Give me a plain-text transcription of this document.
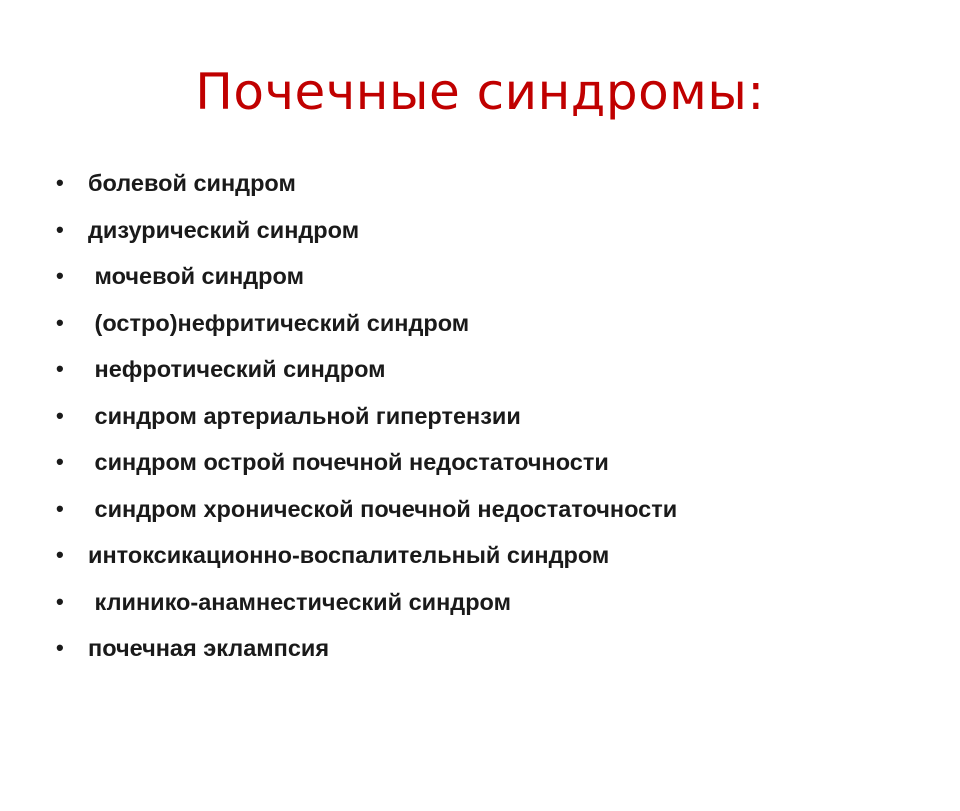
Почечные синдромы:

•

болевой синдром

•

дизурический синдром

•

мочевой синдром

•

(остро)нефритический синдром

•

нефротический синдром

•

синдром артериальной гипертензии

•

синдром острой почечной недостаточности

•

синдром хронической почечной недостаточности

•

интоксикационно-воспалительный синдром

•

клинико-анамнестический синдром

•

почечная эклампсия
